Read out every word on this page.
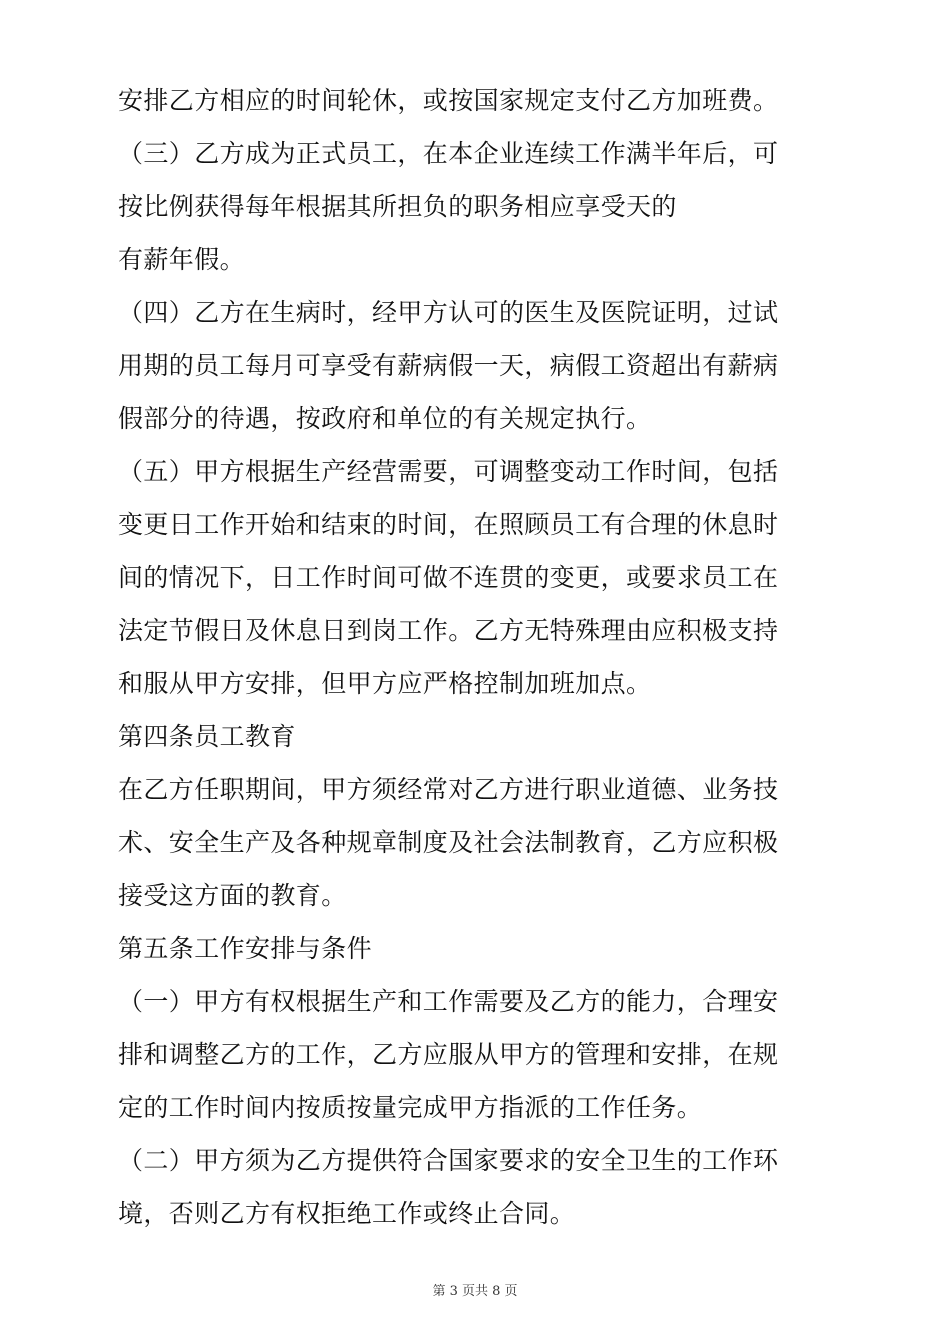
安排乙方相应的时间轮休，或按国家规定支付乙方加班费。
（三）乙方成为正式员工，在本企业连续工作满半年后，可
按比例获得每年根据其所担负的职务相应享受天的
有薪年假。
（四）乙方在生病时，经甲方认可的医生及医院证明，过试
用期的员工每月可享受有薪病假一天，病假工资超出有薪病
假部分的待遇，按政府和单位的有关规定执行。
（五）甲方根据生产经营需要，可调整变动工作时间，包括
变更日工作开始和结束的时间，在照顾员工有合理的休息时
间的情况下，日工作时间可做不连贯的变更，或要求员工在
法定节假日及休息日到岗工作。乙方无特殊理由应积极支持
和服从甲方安排，但甲方应严格控制加班加点。
第四条员工教育
在乙方任职期间，甲方须经常对乙方进行职业道德、业务技
术、安全生产及各种规章制度及社会法制教育，乙方应积极
接受这方面的教育。
第五条工作安排与条件
（一）甲方有权根据生产和工作需要及乙方的能力，合理安
排和调整乙方的工作，乙方应服从甲方的管理和安排，在规
定的工作时间内按质按量完成甲方指派的工作任务。
（二）甲方须为乙方提供符合国家要求的安全卫生的工作环
境，否则乙方有权拒绝工作或终止合同。
第 3 页共 8 页
